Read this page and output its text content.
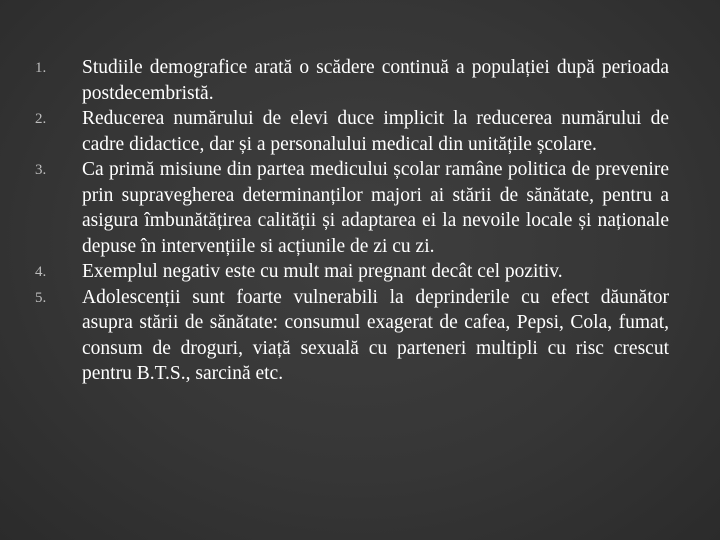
1.	Studiile demografice arată o scădere continuă a populației după perioada postdecembristă.
2.	Reducerea numărului de elevi duce implicit la reducerea numărului de cadre didactice, dar și a personalului medical din unitățile școlare.
3.	Ca primă misiune din partea medicului școlar ramâne politica de prevenire prin supravegherea determinanților majori ai stării de sănătate, pentru a asigura îmbunătățirea calității și adaptarea ei la nevoile locale și naționale depuse în intervențiile si acțiunile de zi cu zi.
4.	Exemplul negativ este cu mult mai pregnant decât cel pozitiv.
5.	Adolescenții sunt foarte vulnerabili la deprinderile cu efect dăunător asupra stării de sănătate: consumul exagerat de cafea, Pepsi, Cola, fumat, consum de droguri, viață sexuală cu parteneri multipli cu risc crescut pentru B.T.S., sarcină etc.
